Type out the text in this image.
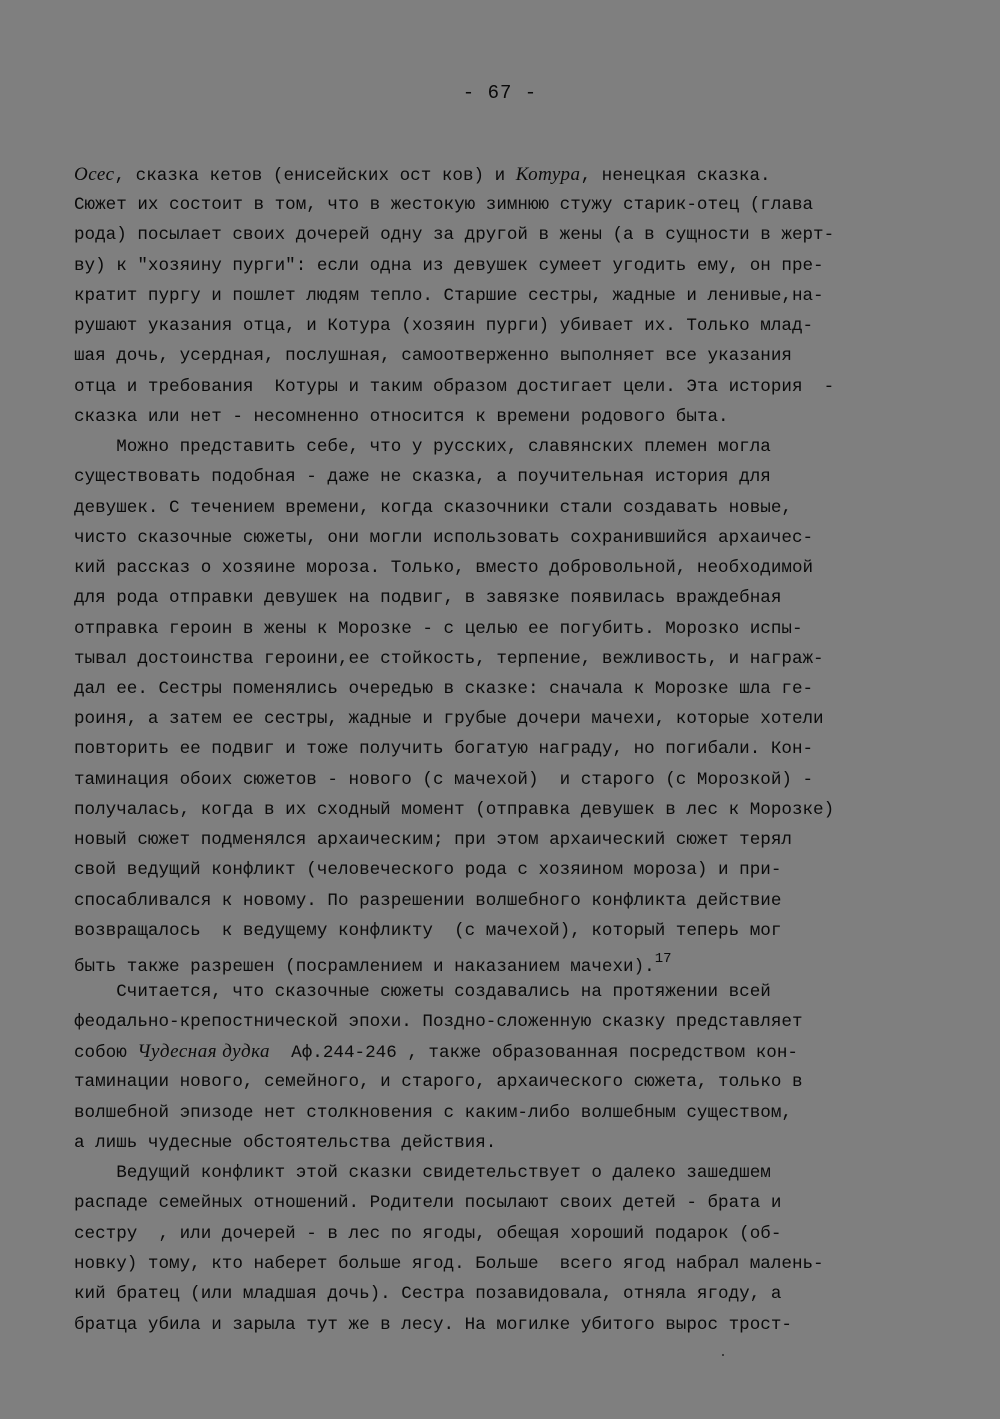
- 67 -
Осес, сказка кетов (енисейских ост ков) и Котура, ненецкая сказка.
Сюжет их состоит в том, что в жестокую зимнюю стужу старик-отец (глава
рода) посылает своих дочерей одну за другой в жены (а в сущности в жерт-
ву) к "хозяину пурги": если одна из девушек сумеет угодить ему, он пре-
кратит пургу и пошлет людям тепло. Старшие сестры, жадные и ленивые,на-
рушают указания отца, и Котура (хозяин пурги) убивает их. Только млад-
шая дочь, усердная, послушная, самоотверженно выполняет все указания
отца и требования  Котуры и таким образом достигает цели. Эта история  -
сказка или нет - несомненно относится к времени родового быта.
Можно представить себе, что у русских, славянских племен могла
существовать подобная - даже не сказка, а поучительная история для
девушек. С течением времени, когда сказочники стали создавать новые,
чисто сказочные сюжеты, они могли использовать сохранившийся архаичес-
кий рассказ о хозяине мороза. Только, вместо добровольной, необходимой
для рода отправки девушек на подвиг, в завязке появилась враждебная
отправка героин в жены к Морозке - с целью ее погубить. Морозко испы-
тывал достоинства героини,ее стойкость, терпение, вежливость, и награж-
дал ее. Сестры поменялись очередью в сказке: сначала к Морозке шла ге-
роиня, а затем ее сестры, жадные и грубые дочери мачехи, которые хотели
повторить ее подвиг и тоже получить богатую награду, но погибали. Кон-
таминация обоих сюжетов - нового (с мачехой)  и старого (с Морозкой) -
получалась, когда в их сходный момент (отправка девушек в лес к Морозке)
новый сюжет подменялся архаическим; при этом архаический сюжет терял
свой ведущий конфликт (человеческого рода с хозяином мороза) и при-
спосабливался к новому. По разрешении волшебного конфликта действие
возвращалось  к ведущему конфликту  (с мачехой), который теперь мог
быть также разрешен (посрамлением и наказанием мачехи).$^{17}$
Считается, что сказочные сюжеты создавались на протяжении всей
феодально-крепостнической эпохи. Поздно-сложенную сказку представляет
собою Чудесная дудка  Аф.244-246 , также образованная посредством кон-
таминации нового, семейного, и старого, архаического сюжета, только в
волшебной эпизоде нет столкновения с каким-либо волшебным существом,
а лишь чудесные обстоятельства действия.
Ведущий конфликт этой сказки свидетельствует о далеко зашедшем
распаде семейных отношений. Родители посылают своих детей - брата и
сестру  , или дочерей - в лес по ягоды, обещая хороший подарок (об-
новку) тому, кто наберет больше ягод. Больше  всего ягод набрал малень-
кий братец (или младшая дочь). Сестра позавидовала, отняла ягоду, а
братца убила и зарыла тут же в лесу. На могилке убитого вырос трост-
